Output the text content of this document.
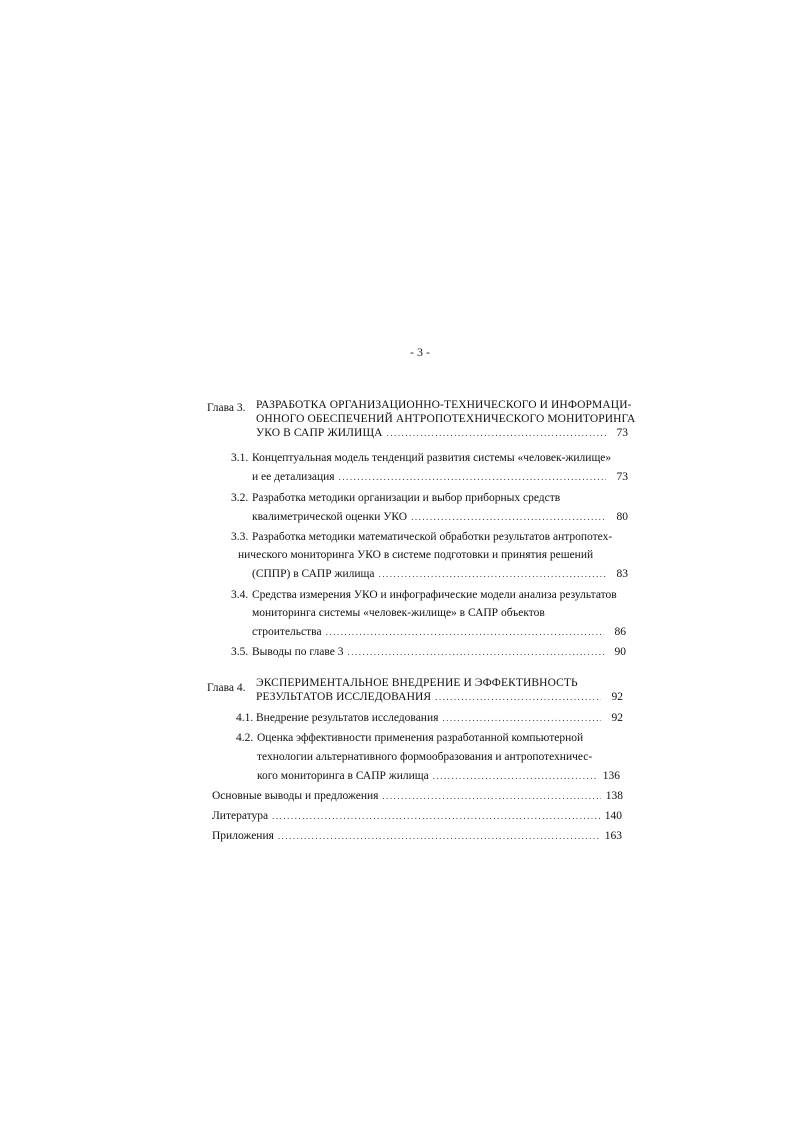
- 3 -
Глава 3. РАЗРАБОТКА ОРГАНИЗАЦИОННО-ТЕХНИЧЕСКОГО И ИНФОРМАЦИ-
ОННОГО ОБЕСПЕЧЕНИЙ АНТРОПОТЕХНИЧЕСКОГО МОНИТОРИНГА
УКО В САПР ЖИЛИЩА .....	73
3.1. Концептуальная модель тенденций развития системы «человек-жилище»
и ее детализация .....	73
3.2. Разработка методики организации и выбор приборных средств
квалиметрической оценки УКО .....	80
3.3. Разработка методики математической обработки результатов антропотех-
нического мониторинга УКО в системе подготовки и принятия решений
(СППР) в САПР жилища .....	83
3.4. Средства измерения УКО и инфографические модели анализа результатов
мониторинга системы «человек-жилище» в САПР объектов
строительства .....	86
3.5. Выводы по главе 3 .....	90
Глава 4. ЭКСПЕРИМЕНТАЛЬНОЕ ВНЕДРЕНИЕ И ЭФФЕКТИВНОСТЬ
РЕЗУЛЬТАТОВ ИССЛЕДОВАНИЯ .....	92
4.1. Внедрение результатов исследования .....	92
4.2. Оценка эффективности применения разработанной компьютерной
технологии альтернативного формообразования и антропотехничес-
кого мониторинга в САПР жилища .....	136
Основные выводы и предложения .....	138
Литература .....	140
Приложения .....	163
